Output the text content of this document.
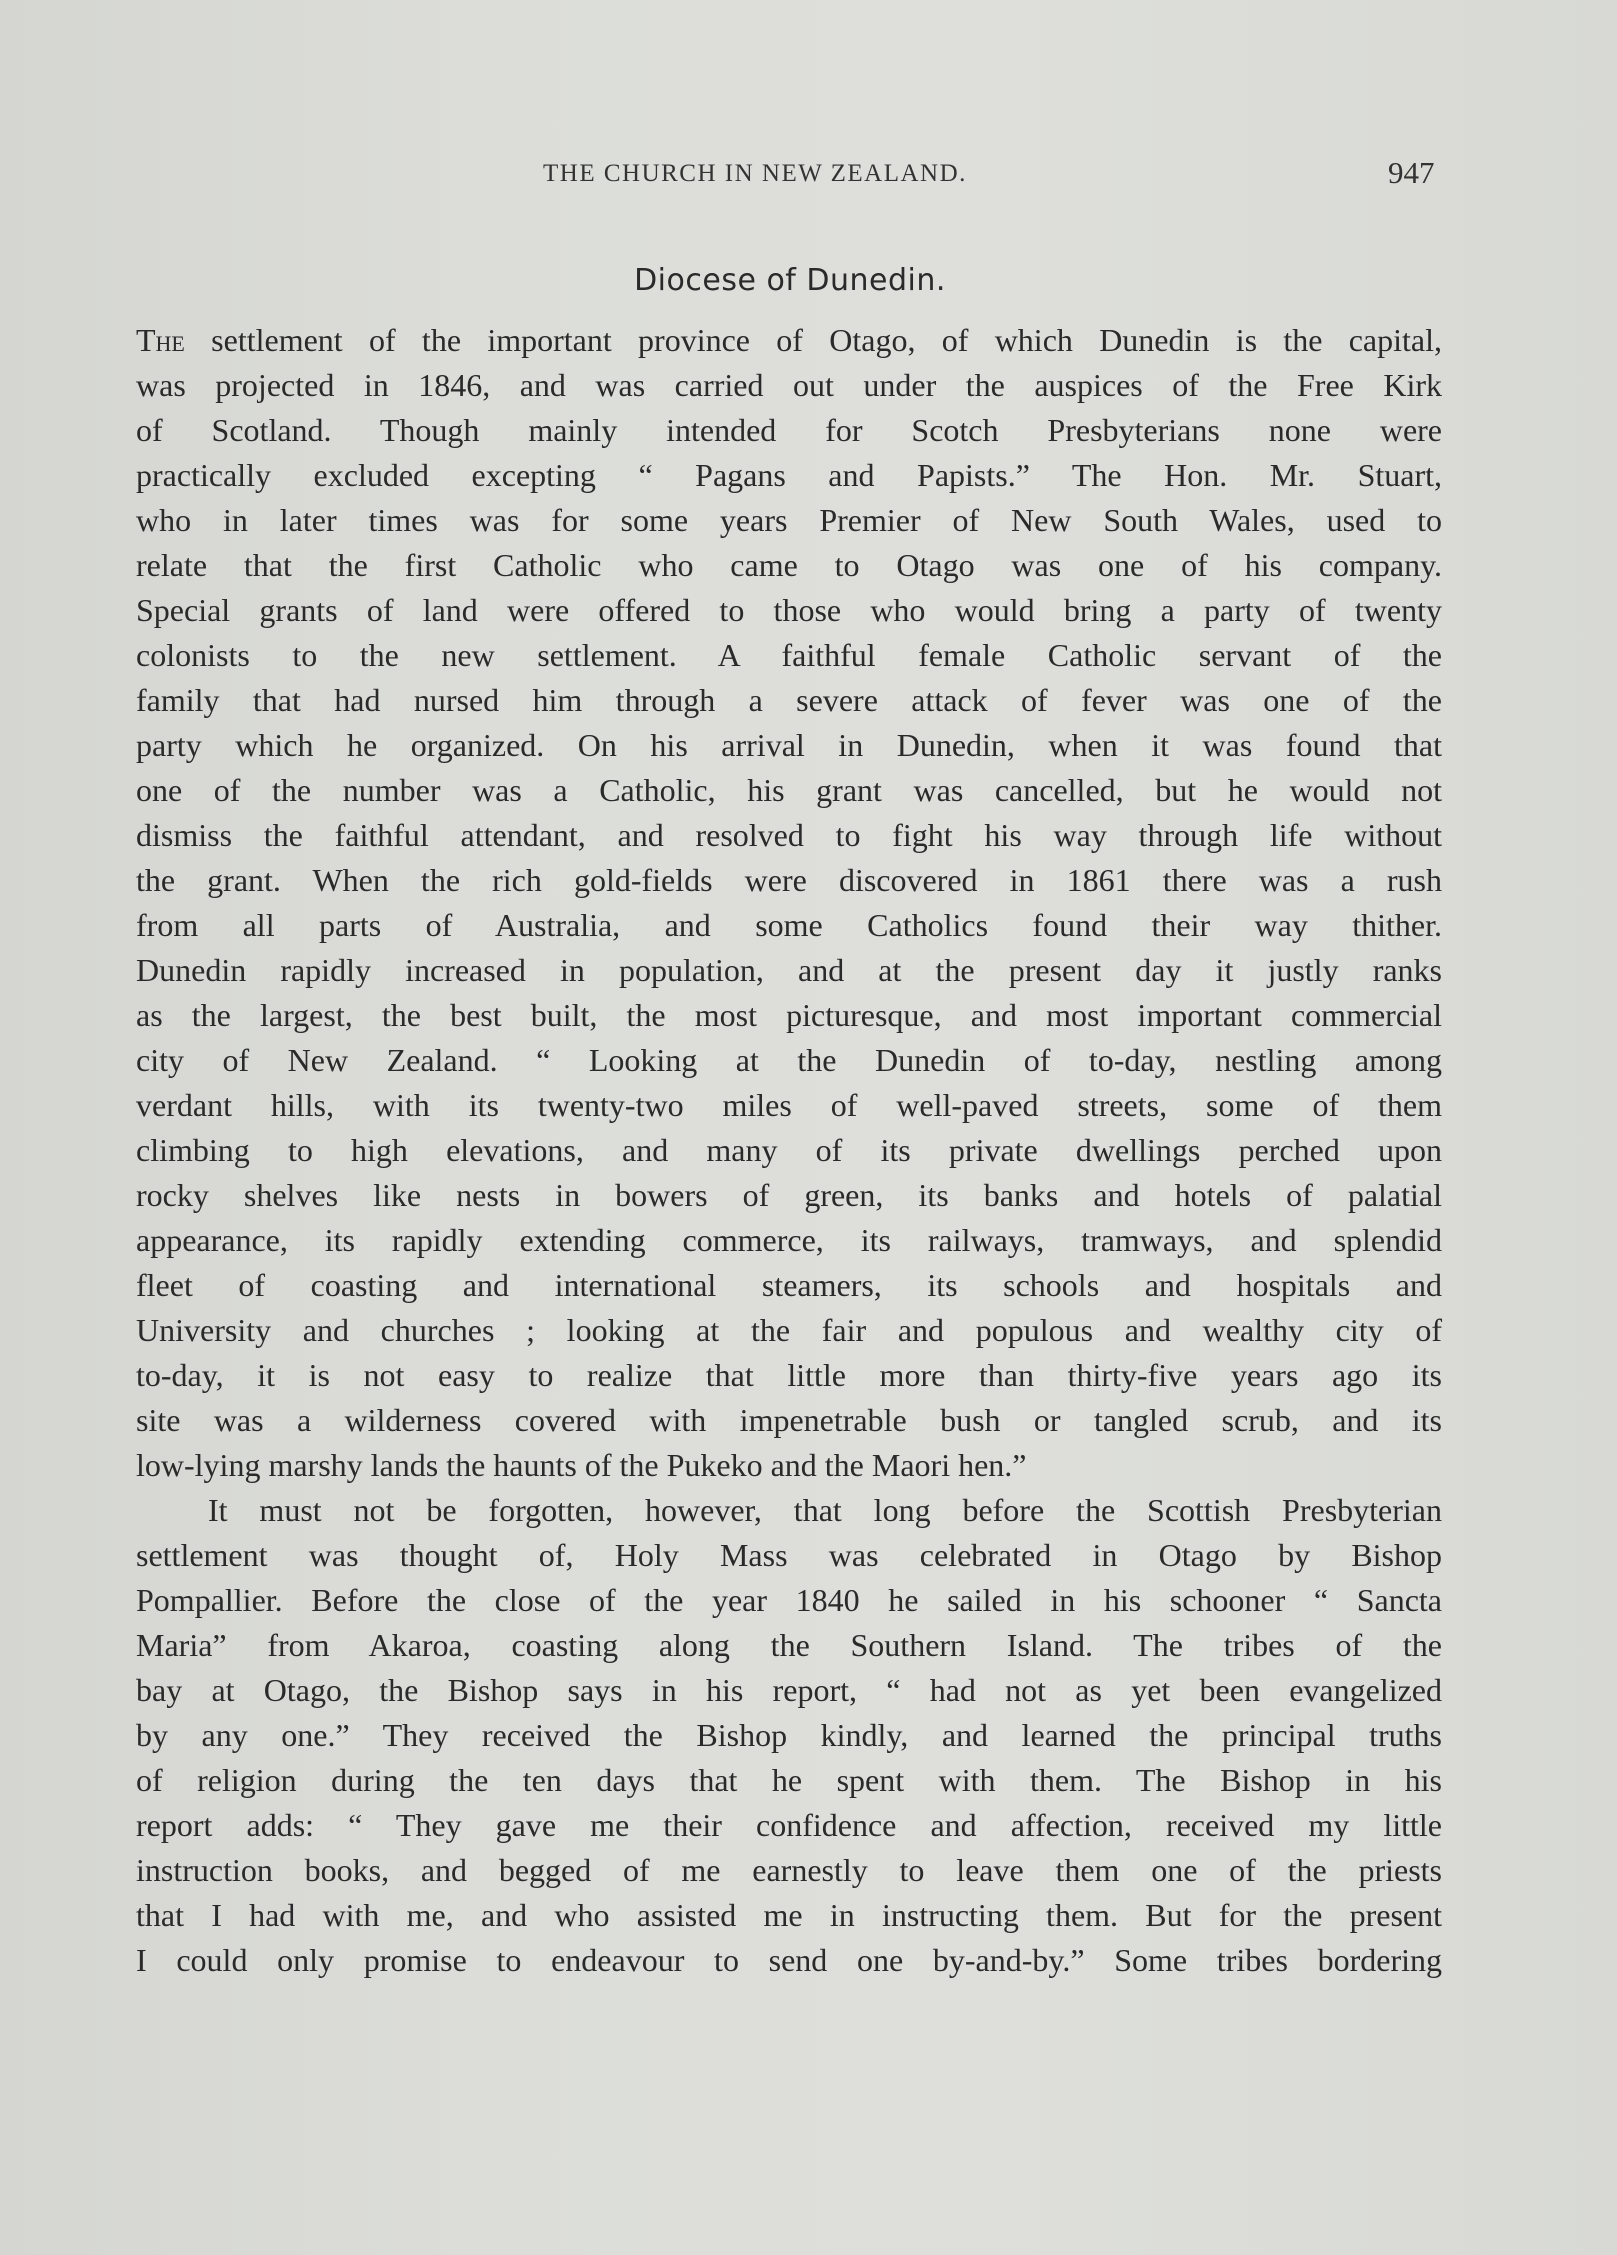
THE CHURCH IN NEW ZEALAND.	947
Diocese of Dunedin.
The settlement of the important province of Otago, of which Dunedin is the capital,
was projected in 1846, and was carried out under the auspices of the Free Kirk
of Scotland. Though mainly intended for Scotch Presbyterians none were
practically excluded excepting “ Pagans and Papists.” The Hon. Mr. Stuart,
who in later times was for some years Premier of New South Wales, used to
relate that the first Catholic who came to Otago was one of his company.
Special grants of land were offered to those who would bring a party of twenty
colonists to the new settlement. A faithful female Catholic servant of the
family that had nursed him through a severe attack of fever was one of the
party which he organized. On his arrival in Dunedin, when it was found that
one of the number was a Catholic, his grant was cancelled, but he would not
dismiss the faithful attendant, and resolved to fight his way through life without
the grant. When the rich gold-fields were discovered in 1861 there was a rush
from all parts of Australia, and some Catholics found their way thither.
Dunedin rapidly increased in population, and at the present day it justly ranks
as the largest, the best built, the most picturesque, and most important commercial
city of New Zealand. “ Looking at the Dunedin of to-day, nestling among
verdant hills, with its twenty-two miles of well-paved streets, some of them
climbing to high elevations, and many of its private dwellings perched upon
rocky shelves like nests in bowers of green, its banks and hotels of palatial
appearance, its rapidly extending commerce, its railways, tramways, and splendid
fleet of coasting and international steamers, its schools and hospitals and
University and churches ; looking at the fair and populous and wealthy city of
to-day, it is not easy to realize that little more than thirty-five years ago its
site was a wilderness covered with impenetrable bush or tangled scrub, and its
low-lying marshy lands the haunts of the Pukeko and the Maori hen.”
It must not be forgotten, however, that long before the Scottish Presbyterian
settlement was thought of, Holy Mass was celebrated in Otago by Bishop
Pompallier. Before the close of the year 1840 he sailed in his schooner “ Sancta
Maria” from Akaroa, coasting along the Southern Island. The tribes of the
bay at Otago, the Bishop says in his report, “ had not as yet been evangelized
by any one.” They received the Bishop kindly, and learned the principal truths
of religion during the ten days that he spent with them. The Bishop in his
report adds: “ They gave me their confidence and affection, received my little
instruction books, and begged of me earnestly to leave them one of the priests
that I had with me, and who assisted me in instructing them. But for the present
I could only promise to endeavour to send one by-and-by.” Some tribes bordering
